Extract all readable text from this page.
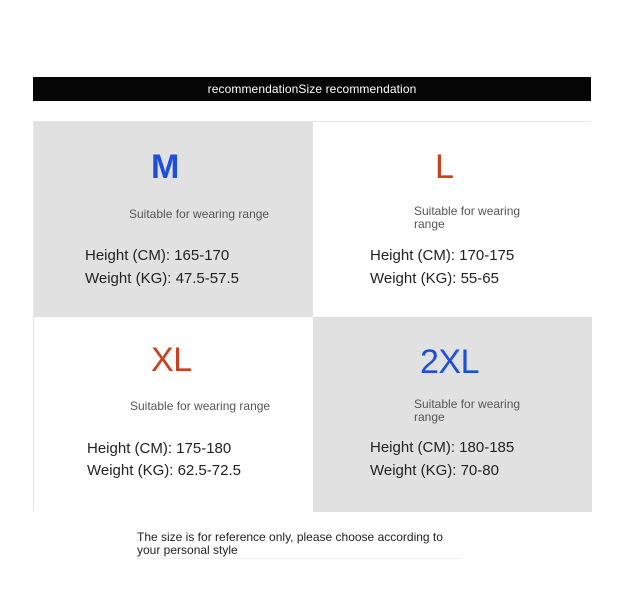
recommendationSize recommendation
M
Suitable for wearing range
Height (CM): 165-170
Weight (KG): 47.5-57.5
L
Suitable for wearing range
Height (CM): 170-175
Weight (KG): 55-65
XL
Suitable for wearing range
Height (CM): 175-180
Weight (KG): 62.5-72.5
2XL
Suitable for wearing range
Height (CM): 180-185
Weight (KG): 70-80
The size is for reference only, please choose according to your personal style
